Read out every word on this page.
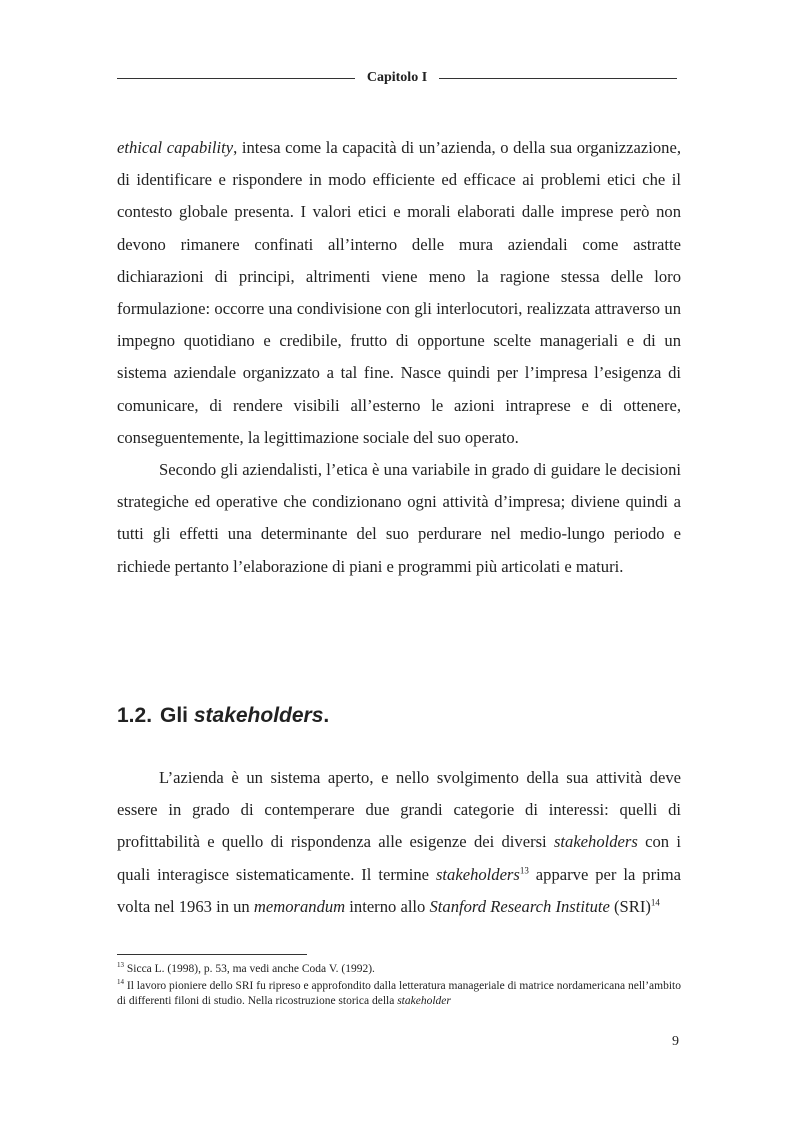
Capitolo I

ethical capability, intesa come la capacità di un’azienda, o della sua organizzazione, di identificare e rispondere in modo efficiente ed efficace ai problemi etici che il contesto globale presenta. I valori etici e morali elaborati dalle imprese però non devono rimanere confinati all’interno delle mura aziendali come astratte dichiarazioni di principi, altrimenti viene meno la ragione stessa delle loro formulazione: occorre una condivisione con gli interlocutori, realizzata attraverso un impegno quotidiano e credibile, frutto di opportune scelte manageriali e di un sistema aziendale organizzato a tal fine. Nasce quindi per l’impresa l’esigenza di comunicare, di rendere visibili all’esterno le azioni intraprese e di ottenere, conseguentemente, la legittimazione sociale del suo operato.

Secondo gli aziendalisti, l’etica è una variabile in grado di guidare le decisioni strategiche ed operative che condizionano ogni attività d’impresa; diviene quindi a tutti gli effetti una determinante del suo perdurare nel medio-lungo periodo e richiede pertanto l’elaborazione di piani e programmi più articolati e maturi.

1.2. Gli stakeholders.

L’azienda è un sistema aperto, e nello svolgimento della sua attività deve essere in grado di contemperare due grandi categorie di interessi: quelli di profittabilità e quello di rispondenza alle esigenze dei diversi stakeholders con i quali interagisce sistematicamente. Il termine stakeholders$^{13}$ apparve per la prima volta nel 1963 in un memorandum interno allo Stanford Research Institute (SRI)$^{14}$

$^{13}$ Sicca L. (1998), p. 53, ma vedi anche Coda V. (1992).

$^{14}$ Il lavoro pioniere dello SRI fu ripreso e approfondito dalla letteratura manageriale di matrice nordamericana nell’ambito di differenti filoni di studio. Nella ricostruzione storica della stakeholder

9
